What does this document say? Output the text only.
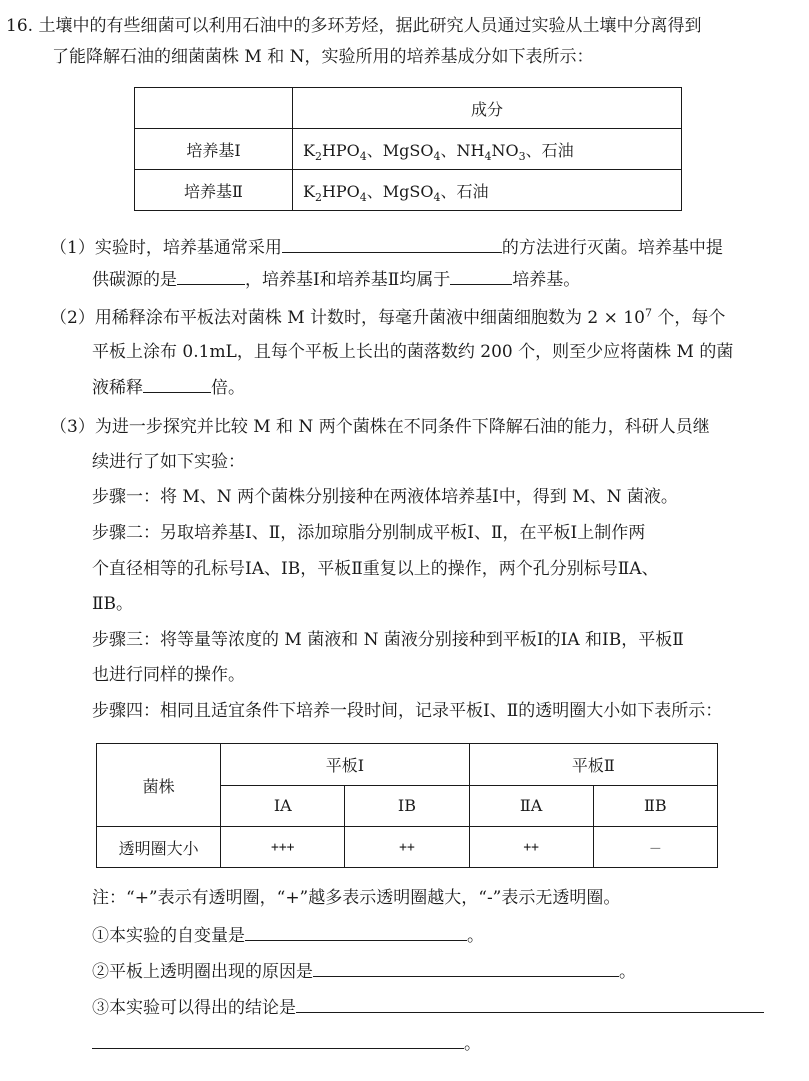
16. 土壤中的有些细菌可以利用石油中的多环芳烃，据此研究人员通过实验从土壤中分离得到
了能降解石油的细菌菌株 M 和 N，实验所用的培养基成分如下表所示：
	成分
培养基Ⅰ	$K_2HPO_4$、MgSO$_4$、$NH_4NO_3$、石油
培养基Ⅱ	$K_2HPO_4$、MgSO$_4$、石油
（1）实验时，培养基通常采用	的方法进行灭菌。培养基中提
供碳源的是	，培养基Ⅰ和培养基Ⅱ均属于	培养基。
（2）用稀释涂布平板法对菌株 M 计数时，每毫升菌液中细菌细胞数为 $2 \times 10^7$ 个，每个
平板上涂布 0.1mL，且每个平板上长出的菌落数约 200 个，则至少应将菌株 M 的菌
液稀释	倍。
（3）为进一步探究并比较 M 和 N 两个菌株在不同条件下降解石油的能力，科研人员继
续进行了如下实验：
步骤一：将 M、N 两个菌株分别接种在两液体培养基Ⅰ中，得到 M、N 菌液。
步骤二：另取培养基Ⅰ、Ⅱ，添加琼脂分别制成平板Ⅰ、Ⅱ，在平板Ⅰ上制作两
个直径相等的孔标号ⅠA、ⅠB，平板Ⅱ重复以上的操作，两个孔分别标号ⅡA、
ⅡB。
步骤三：将等量等浓度的 M 菌液和 N 菌液分别接种到平板Ⅰ的ⅠA 和ⅠB，平板Ⅱ
也进行同样的操作。
步骤四：相同且适宜条件下培养一段时间，记录平板Ⅰ、Ⅱ的透明圈大小如下表所示：
菌株	平板Ⅰ		平板Ⅱ	
	ⅠA	ⅠB	ⅡA	ⅡB
透明圈大小	+++	++	++	－
注：“+”表示有透明圈，“+”越多表示透明圈越大，“-”表示无透明圈。
①本实验的自变量是	。
②平板上透明圈出现的原因是	。
③本实验可以得出的结论是
。
